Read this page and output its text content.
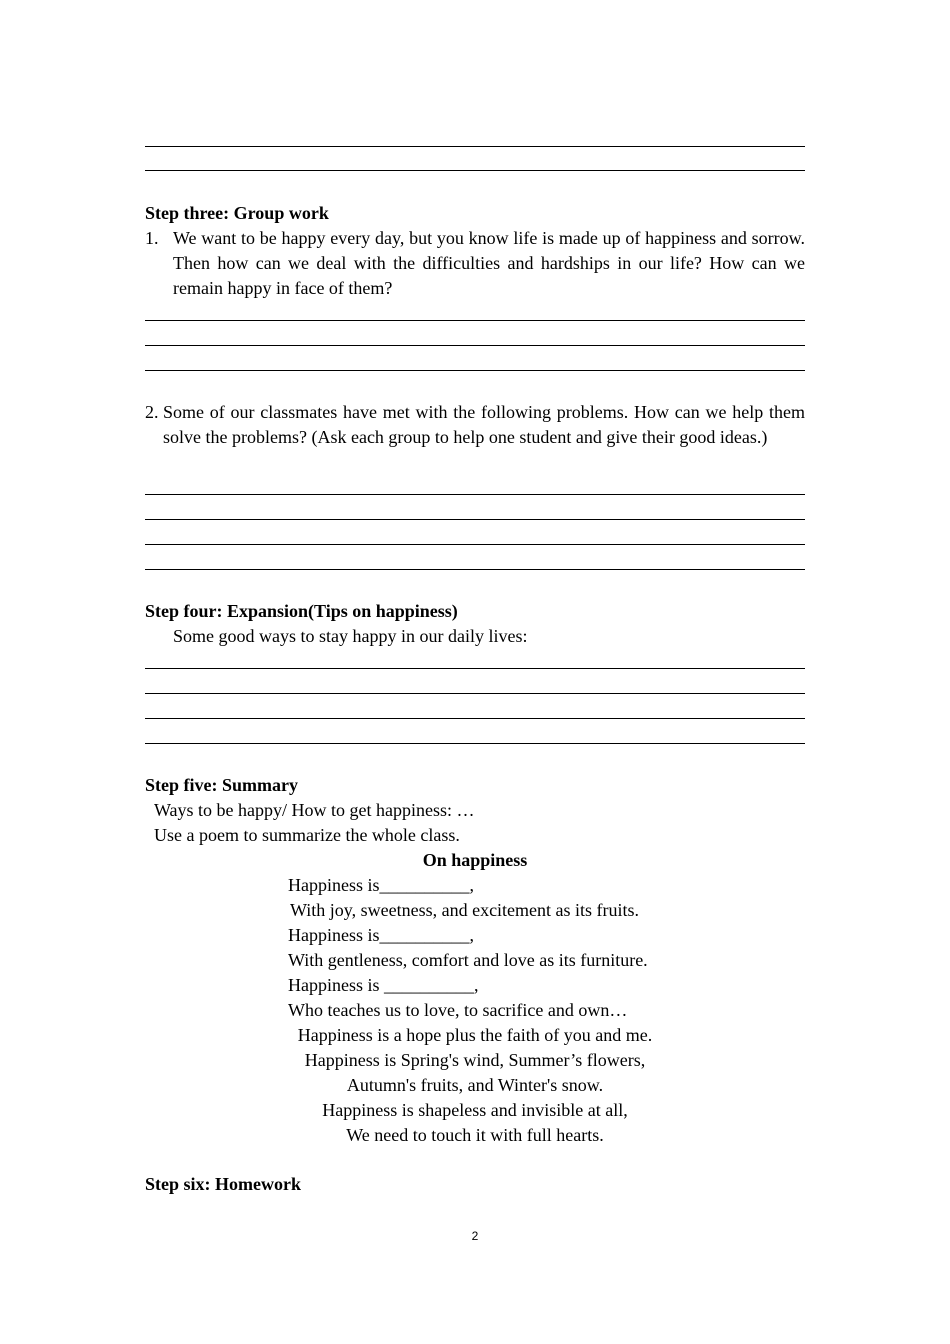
Step three: Group work
1. We want to be happy every day, but you know life is made up of happiness and sorrow. Then how can we deal with the difficulties and hardships in our life? How can we remain happy in face of them?
2. Some of our classmates have met with the following problems. How can we help them solve the problems? (Ask each group to help one student and give their good ideas.)
Step four: Expansion(Tips on happiness)
Some good ways to stay happy in our daily lives:
Step five: Summary
Ways to be happy/ How to get happiness: …
Use a poem to summarize the whole class.
On happiness
Happiness is__________,
With joy, sweetness, and excitement as its fruits.
Happiness is__________,
With gentleness, comfort and love as its furniture.
Happiness is __________,
Who teaches us to love, to sacrifice and own…
Happiness is a hope plus the faith of you and me.
Happiness is Spring's wind, Summer’s flowers,
Autumn's fruits, and Winter's snow.
Happiness is shapeless and invisible at all,
We need to touch it with full hearts.
Step six: Homework
2
